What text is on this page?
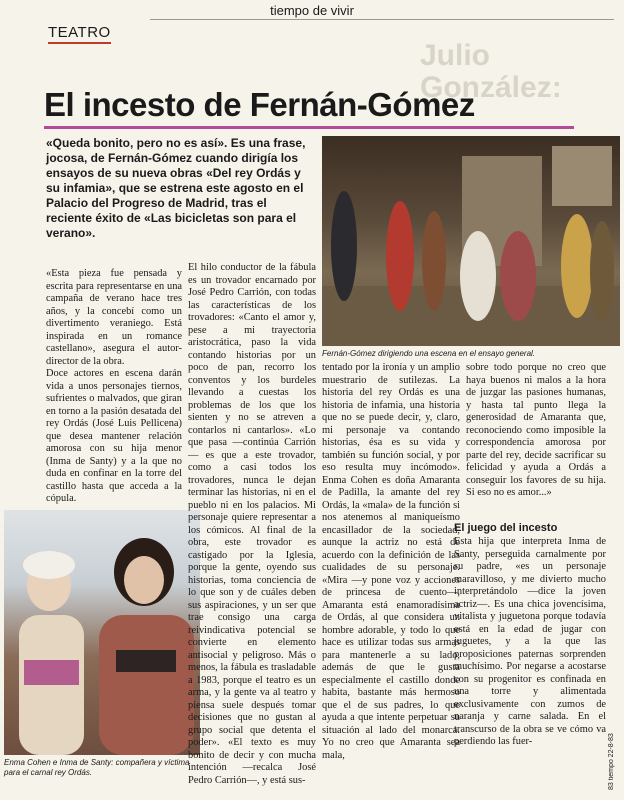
tiempo de vivir
TEATRO
Julio
González:
El incesto de Fernán-Gómez
«Queda bonito, pero no es así». Es una frase, jocosa, de Fernán-Gómez cuando dirigía los ensayos de su nueva obras «Del rey Ordás y su infamia», que se estrena este agosto en el Palacio del Progreso de Madrid, tras el reciente éxito de «Las bicicletas son para el verano».
Fernán-Gómez dirigiendo una escena en el ensayo general.
Enma Cohen e Inma de Santy: compañera y víctima para el carnal rey Ordás.

«Esta pieza fue pensada y escrita para representarse en una campaña de verano hace tres años, y la concebí como un divertimento veraniego. Está inspirada en un romance castellano», asegura el autor-director de la obra.

Doce actores en escena darán vida a unos personajes tiernos, sufrientes o malvados, que giran en torno a la pasión desatada del rey Ordás (José Luis Pellicena) que desea mantener relación amorosa con su hija menor (Inma de Santy) y a la que no duda en confinar en la torre del castillo hasta que acceda a la cópula.

El hilo conductor de la fábula es un trovador encarnado por José Pedro Carrión, con todas las características de los trovadores: «Canto el amor y, pese a mi trayectoria aristocrática, paso la vida contando historias por un poco de pan, recorro los conventos y los burdeles llevando a cuestas los problemas de los que los sienten y no se atreven a contarlos ni cantarlos». «Lo que pasa —continúa Carrión— es que a este trovador, como a casi todos los trovadores, nunca le dejan terminar las historias, ni en el pueblo ni en los palacios. Mi personaje quiere representar a los cómicos. Al final de la obra, este trovador es castigado por la Iglesia, porque la gente, oyendo sus historias, toma conciencia de lo que son y de cuáles deben sus aspiraciones, y un ser que trae consigo una carga reivindicativa potencial se convierte en elemento antisocial y peligroso. Más o menos, la fábula es trasladable a 1983, porque el teatro es un arma, y la gente va al teatro y piensa suele después tomar decisiones que no gustan al grupo social que detenta el poder». «El texto es muy bonito de decir y con mucha intención —recalca José Pedro Carrión—, y está sus-

tentado por la ironía y un amplio muestrario de sutilezas. La historia del rey Ordás es una historia de infamia, una historia que no se puede decir, y, claro, mi personaje va contando historias, ésa es su vida y también su función social, y por eso resulta muy incómodo». Enma Cohen es doña Amaranta de Padilla, la amante del rey Ordás, la «mala» de la función si nos atenemos al maniqueísmo encasillador de la sociedad, aunque la actriz no está de acuerdo con la definición de las cualidades de su personaje. «Mira —y pone voz y acciones de princesa de cuento—, Amaranta está enamoradísima de Ordás, al que considera un hombre adorable, y todo lo que hace es utilizar todas sus armas para mantenerle a su lado, además de que le gusta especialmente el castillo donde habita, bastante más hermoso que el de sus padres, lo que ayuda a que intente perpetuar su situación al lado del monarca. Yo no creo que Amaranta sea mala,

sobre todo porque no creo que haya buenos ni malos a la hora de juzgar las pasiones humanas, y hasta tal punto llega la generosidad de Amaranta que, reconociendo como imposible la correspondencia amorosa por parte del rey, decide sacrificar su felicidad y ayuda a Ordás a conseguir los favores de su hija. Si eso no es amor...»

El juego del incesto

Esta hija que interpreta Inma de Santy, perseguida carnalmente por su padre, «es un personaje maravilloso, y me divierto mucho interpretándolo —dice la joven actriz—. Es una chica jovencísima, vitalista y juguetona porque todavía está en la edad de jugar con juguetes, y a la que las proposiciones paternas sorprenden muchísimo. Por negarse a acostarse con su progenitor es confinada en una torre y alimentada exclusivamente con zumos de naranja y carne salada. En el transcurso de la obra se ve cómo va perdiendo las fuer-	83 tiempo 22-8-83
